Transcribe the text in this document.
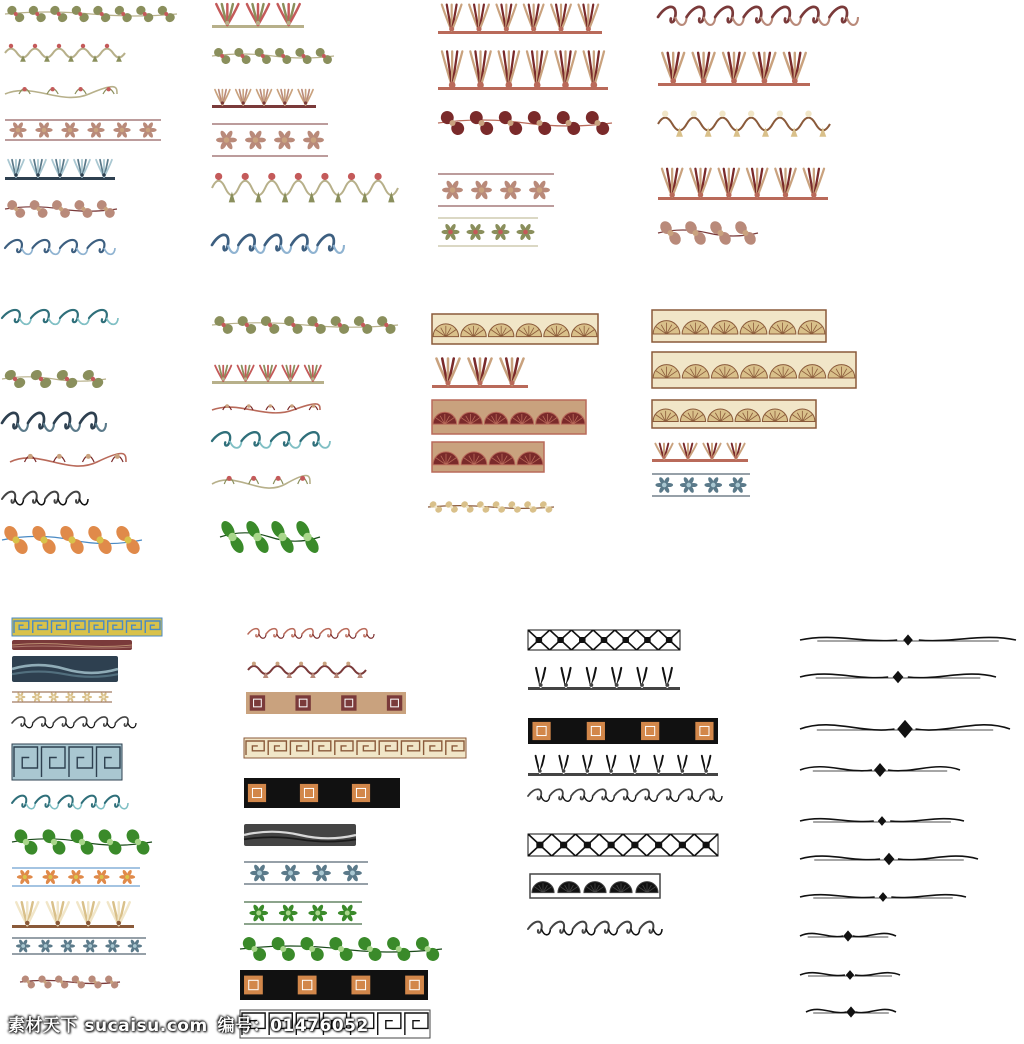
素材天下 sucaisu.com 编号：01476052
